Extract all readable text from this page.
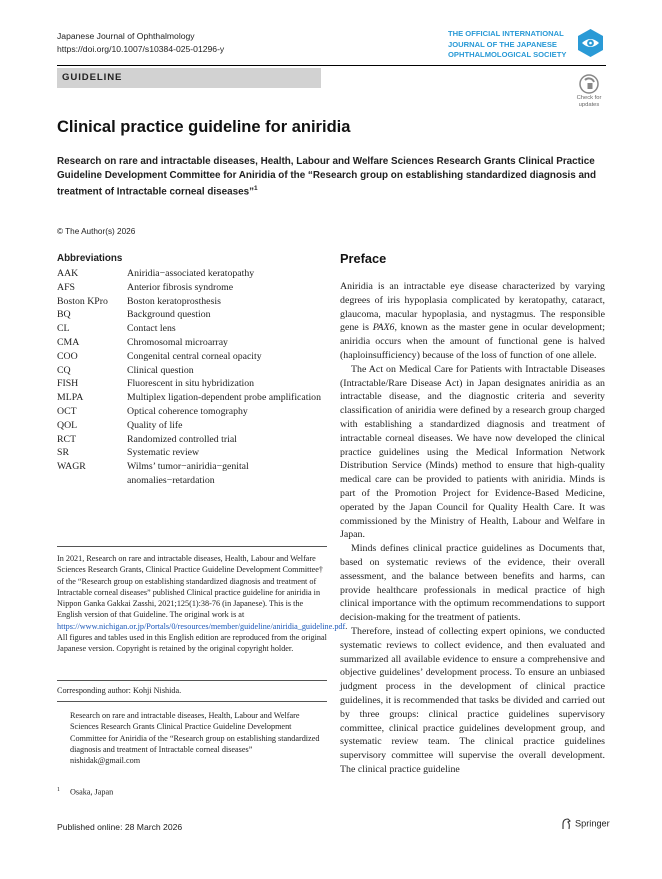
Japanese Journal of Ophthalmology
https://doi.org/10.1007/s10384-025-01296-y
THE OFFICIAL INTERNATIONAL
JOURNAL OF THE JAPANESE
OPHTHALMOLOGICAL SOCIETY
GUIDELINE
Check for
updates
Clinical practice guideline for aniridia
Research on rare and intractable diseases, Health, Labour and Welfare Sciences Research Grants Clinical Practice Guideline Development Committee for Aniridia of the “Research group on establishing standardized diagnosis and treatment of Intractable corneal diseases”$^1$
© The Author(s) 2026
Abbreviations
AAK	Aniridia−associated keratopathy
AFS	Anterior fibrosis syndrome
Boston KPro	Boston keratoprosthesis
BQ	Background question
CL	Contact lens
CMA	Chromosomal microarray
COO	Congenital central corneal opacity
CQ	Clinical question
FISH	Fluorescent in situ hybridization
MLPA	Multiplex ligation-dependent probe amplification
OCT	Optical coherence tomography
QOL	Quality of life
RCT	Randomized controlled trial
SR	Systematic review
WAGR	Wilms’ tumor−aniridia−genital anomalies−retardation
In 2021, Research on rare and intractable diseases, Health, Labour and Welfare Sciences Research Grants, Clinical Practice Guideline Development Committee† of the “Research group on establishing standardized diagnosis and treatment of Intractable corneal diseases” published Clinical practice guideline for aniridia in Nippon Ganka Gakkai Zasshi, 2021;125(1):38-76 (in Japanese). This is the English version of that Guideline. The original work is at https://www.nichigan.or.jp/Portals/0/resources/member/guideline/aniridia_guideline.pdf. All figures and tables used in this English edition are reproduced from the original Japanese version. Copyright is retained by the original copyright holder.
Corresponding author: Kohji Nishida.
Research on rare and intractable diseases, Health, Labour and Welfare Sciences Research Grants Clinical Practice Guideline Development Committee for Aniridia of the “Research group on establishing standardized diagnosis and treatment of Intractable corneal diseases”
nishidak@gmail.com
$^1$ Osaka, Japan
Preface

Aniridia is an intractable eye disease characterized by varying degrees of iris hypoplasia complicated by keratopathy, cataract, glaucoma, macular hypoplasia, and nystagmus. The responsible gene is PAX6, known as the master gene in ocular development; aniridia occurs when the amount of functional gene is halved (haploinsufficiency) because of the loss of function of one allele.

The Act on Medical Care for Patients with Intractable Diseases (Intractable/Rare Disease Act) in Japan designates aniridia as an intractable disease, and the diagnostic criteria and severity classification of aniridia were defined by a research group charged with establishing a standardized diagnosis and treatment of intractable corneal diseases. We have now developed the clinical practice guidelines using the Medical Information Network Distribution Service (Minds) method to ensure that high-quality medical care can be provided to patients with aniridia. Minds is part of the Promotion Project for Evidence-Based Medicine, operated by the Japan Council for Quality Health Care. It was commissioned by the Ministry of Health, Labour and Welfare in Japan.

Minds defines clinical practice guidelines as Documents that, based on systematic reviews of the evidence, their overall assessment, and the balance between benefits and harms, can provide healthcare professionals in medical practice of high clinical importance with the optimum recommendations to support decision-making for the treatment of patients.

Therefore, instead of collecting expert opinions, we conducted systematic reviews to collect evidence, and then evaluated and summarized all available evidence to ensure a comprehensive and objective guidelines’ development process. To ensure an unbiased judgment process in the development of clinical practice guidelines, it is recommended that tasks be divided and carried out by three groups: clinical practice guidelines supervisory committee, clinical practice guidelines development group, and systematic review team. The clinical practice guidelines supervisory committee will supervise the overall development. The clinical practice guideline

Published online: 28 March 2026	Springer
